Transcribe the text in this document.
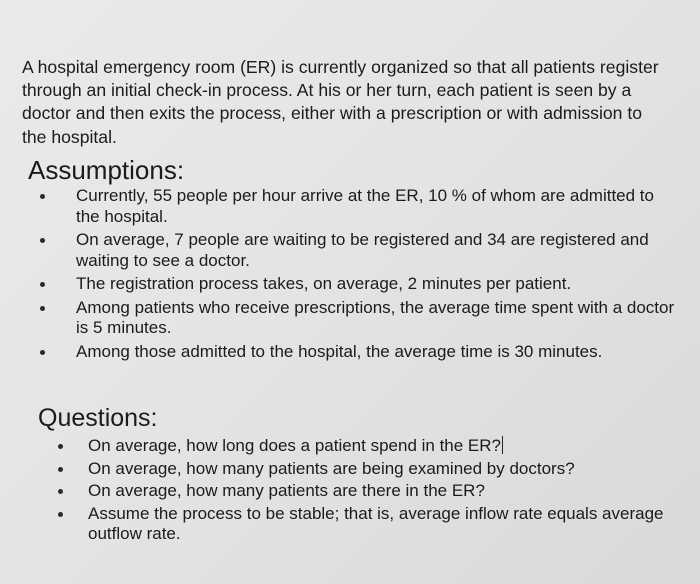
A hospital emergency room (ER) is currently organized so that all patients register through an initial check-in process. At his or her turn, each patient is seen by a doctor and then exits the process, either with a prescription or with admission to the hospital.

Assumptions:
Currently, 55 people per hour arrive at the ER, 10 % of whom are admitted to the hospital.
On average, 7 people are waiting to be registered and 34 are registered and waiting to see a doctor.
The registration process takes, on average, 2 minutes per patient.
Among patients who receive prescriptions, the average time spent with a doctor is 5 minutes.
Among those admitted to the hospital, the average time is 30 minutes.
Questions:
On average, how long does a patient spend in the ER?
On average, how many patients are being examined by doctors?
On average, how many patients are there in the ER?
Assume the process to be stable; that is, average inflow rate equals average outflow rate.
